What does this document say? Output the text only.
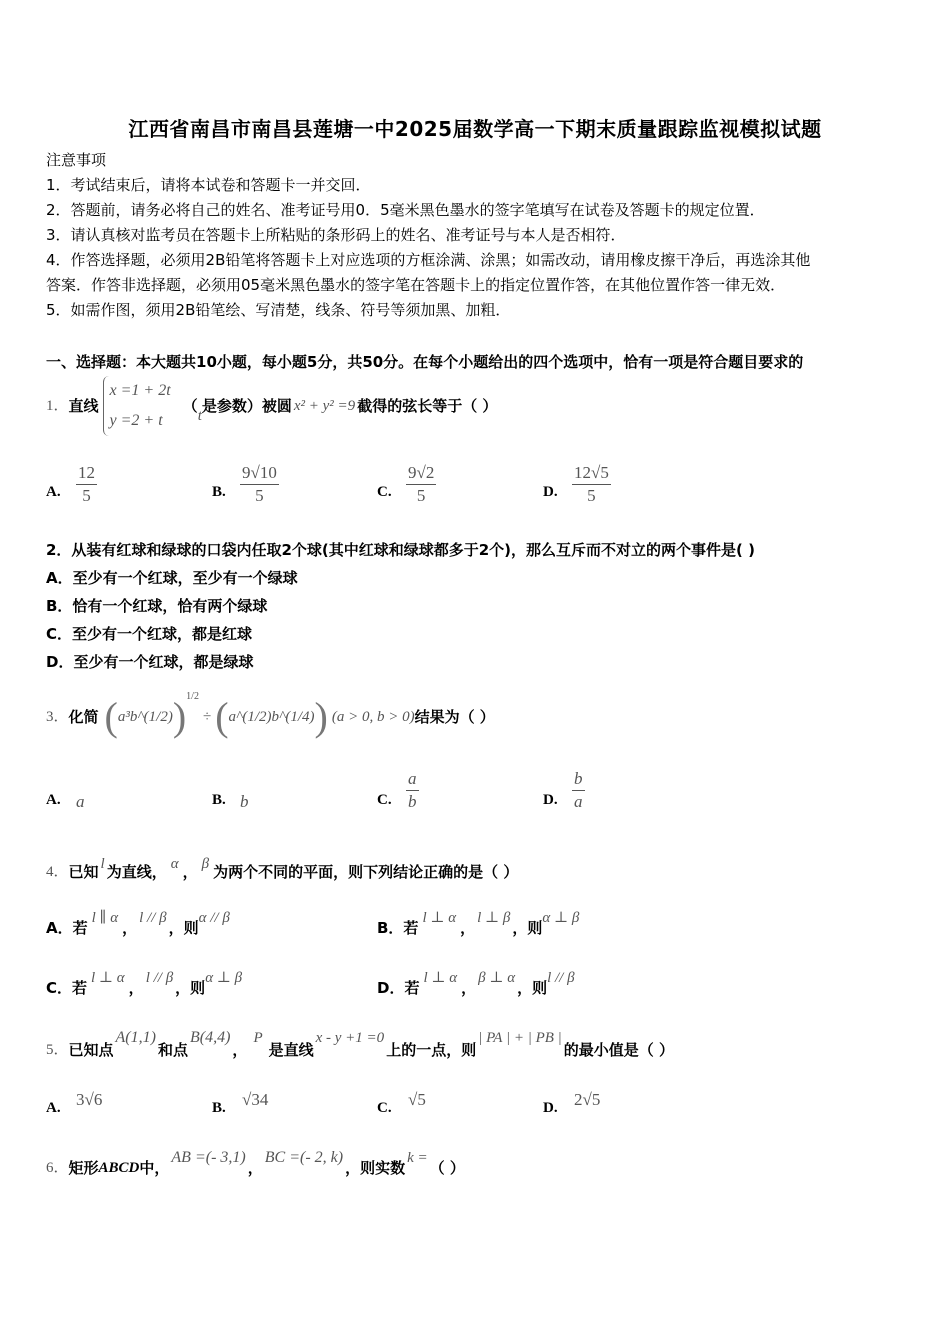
江西省南昌市南昌县莲塘一中2025届数学高一下期末质量跟踪监视模拟试题
注意事项
1．考试结束后，请将本试卷和答题卡一并交回．
2．答题前，请务必将自己的姓名、准考证号用0．5毫米黑色墨水的签字笔填写在试卷及答题卡的规定位置．
3．请认真核对监考员在答题卡上所粘贴的条形码上的姓名、准考证号与本人是否相符．
4．作答选择题，必须用2B铅笔将答题卡上对应选项的方框涂满、涂黑；如需改动，请用橡皮擦干净后，再选涂其他
答案．作答非选择题，必须用05毫米黑色墨水的签字笔在答题卡上的指定位置作答，在其他位置作答一律无效．
5．如需作图，须用2B铅笔绘、写清楚，线条、符号等须加黑、加粗．
一、选择题：本大题共10小题，每小题5分，共50分。在每个小题给出的四个选项中，恰有一项是符合题目要求的
1． 直线
x =1 + 2t
y =2 + t
（
t
是参数）被圆 x² + y² =9 截得的弦长等于（ ）
A. $\frac{12}{5}$	B. $\frac{9√10}{5}$	C. $\frac{9√2}{5}$	D. $\frac{12√5}{5}$
2．从装有红球和绿球的口袋内任取2个球(其中红球和绿球都多于2个)，那么互斥而不对立的两个事件是( )
A．至少有一个红球，至少有一个绿球
B．恰有一个红球，恰有两个绿球
C．至少有一个红球，都是红球
D．至少有一个红球，都是绿球
3． 化简 ( a³b^(1/2) ) 1/2
÷ ( a^(1/2)b^(1/4) ) (a > 0, b > 0) 结果为（ ）
A. a	B. b	C. $\frac{a}{b}$	D. $\frac{b}{a}$
4． 已知 l 为直线， α ， β 为两个不同的平面，则下列结论正确的是（ ）
A．若
l ∥ α
，
l // β
，则
α // β
B．若
l ⊥ α
，
l ⊥ β
，则
α ⊥ β
C．若
l ⊥ α
，
l // β
，则
α ⊥ β
D．若
l ⊥ α
，
β ⊥ α
，则
l // β
5． 已知点
A(1,1)
和点
B(4,4)
，
P
是直线
x - y +1 =0
上的一点，则
| PA | + | PB |
的最小值是（ ）
A. 3√6	B. √34	C. √5	D. 2√5
6． 矩形 ABCD 中，
AB =(- 3,1)
，
BC =(- 2, k)
，则实数
k =
（ ）
